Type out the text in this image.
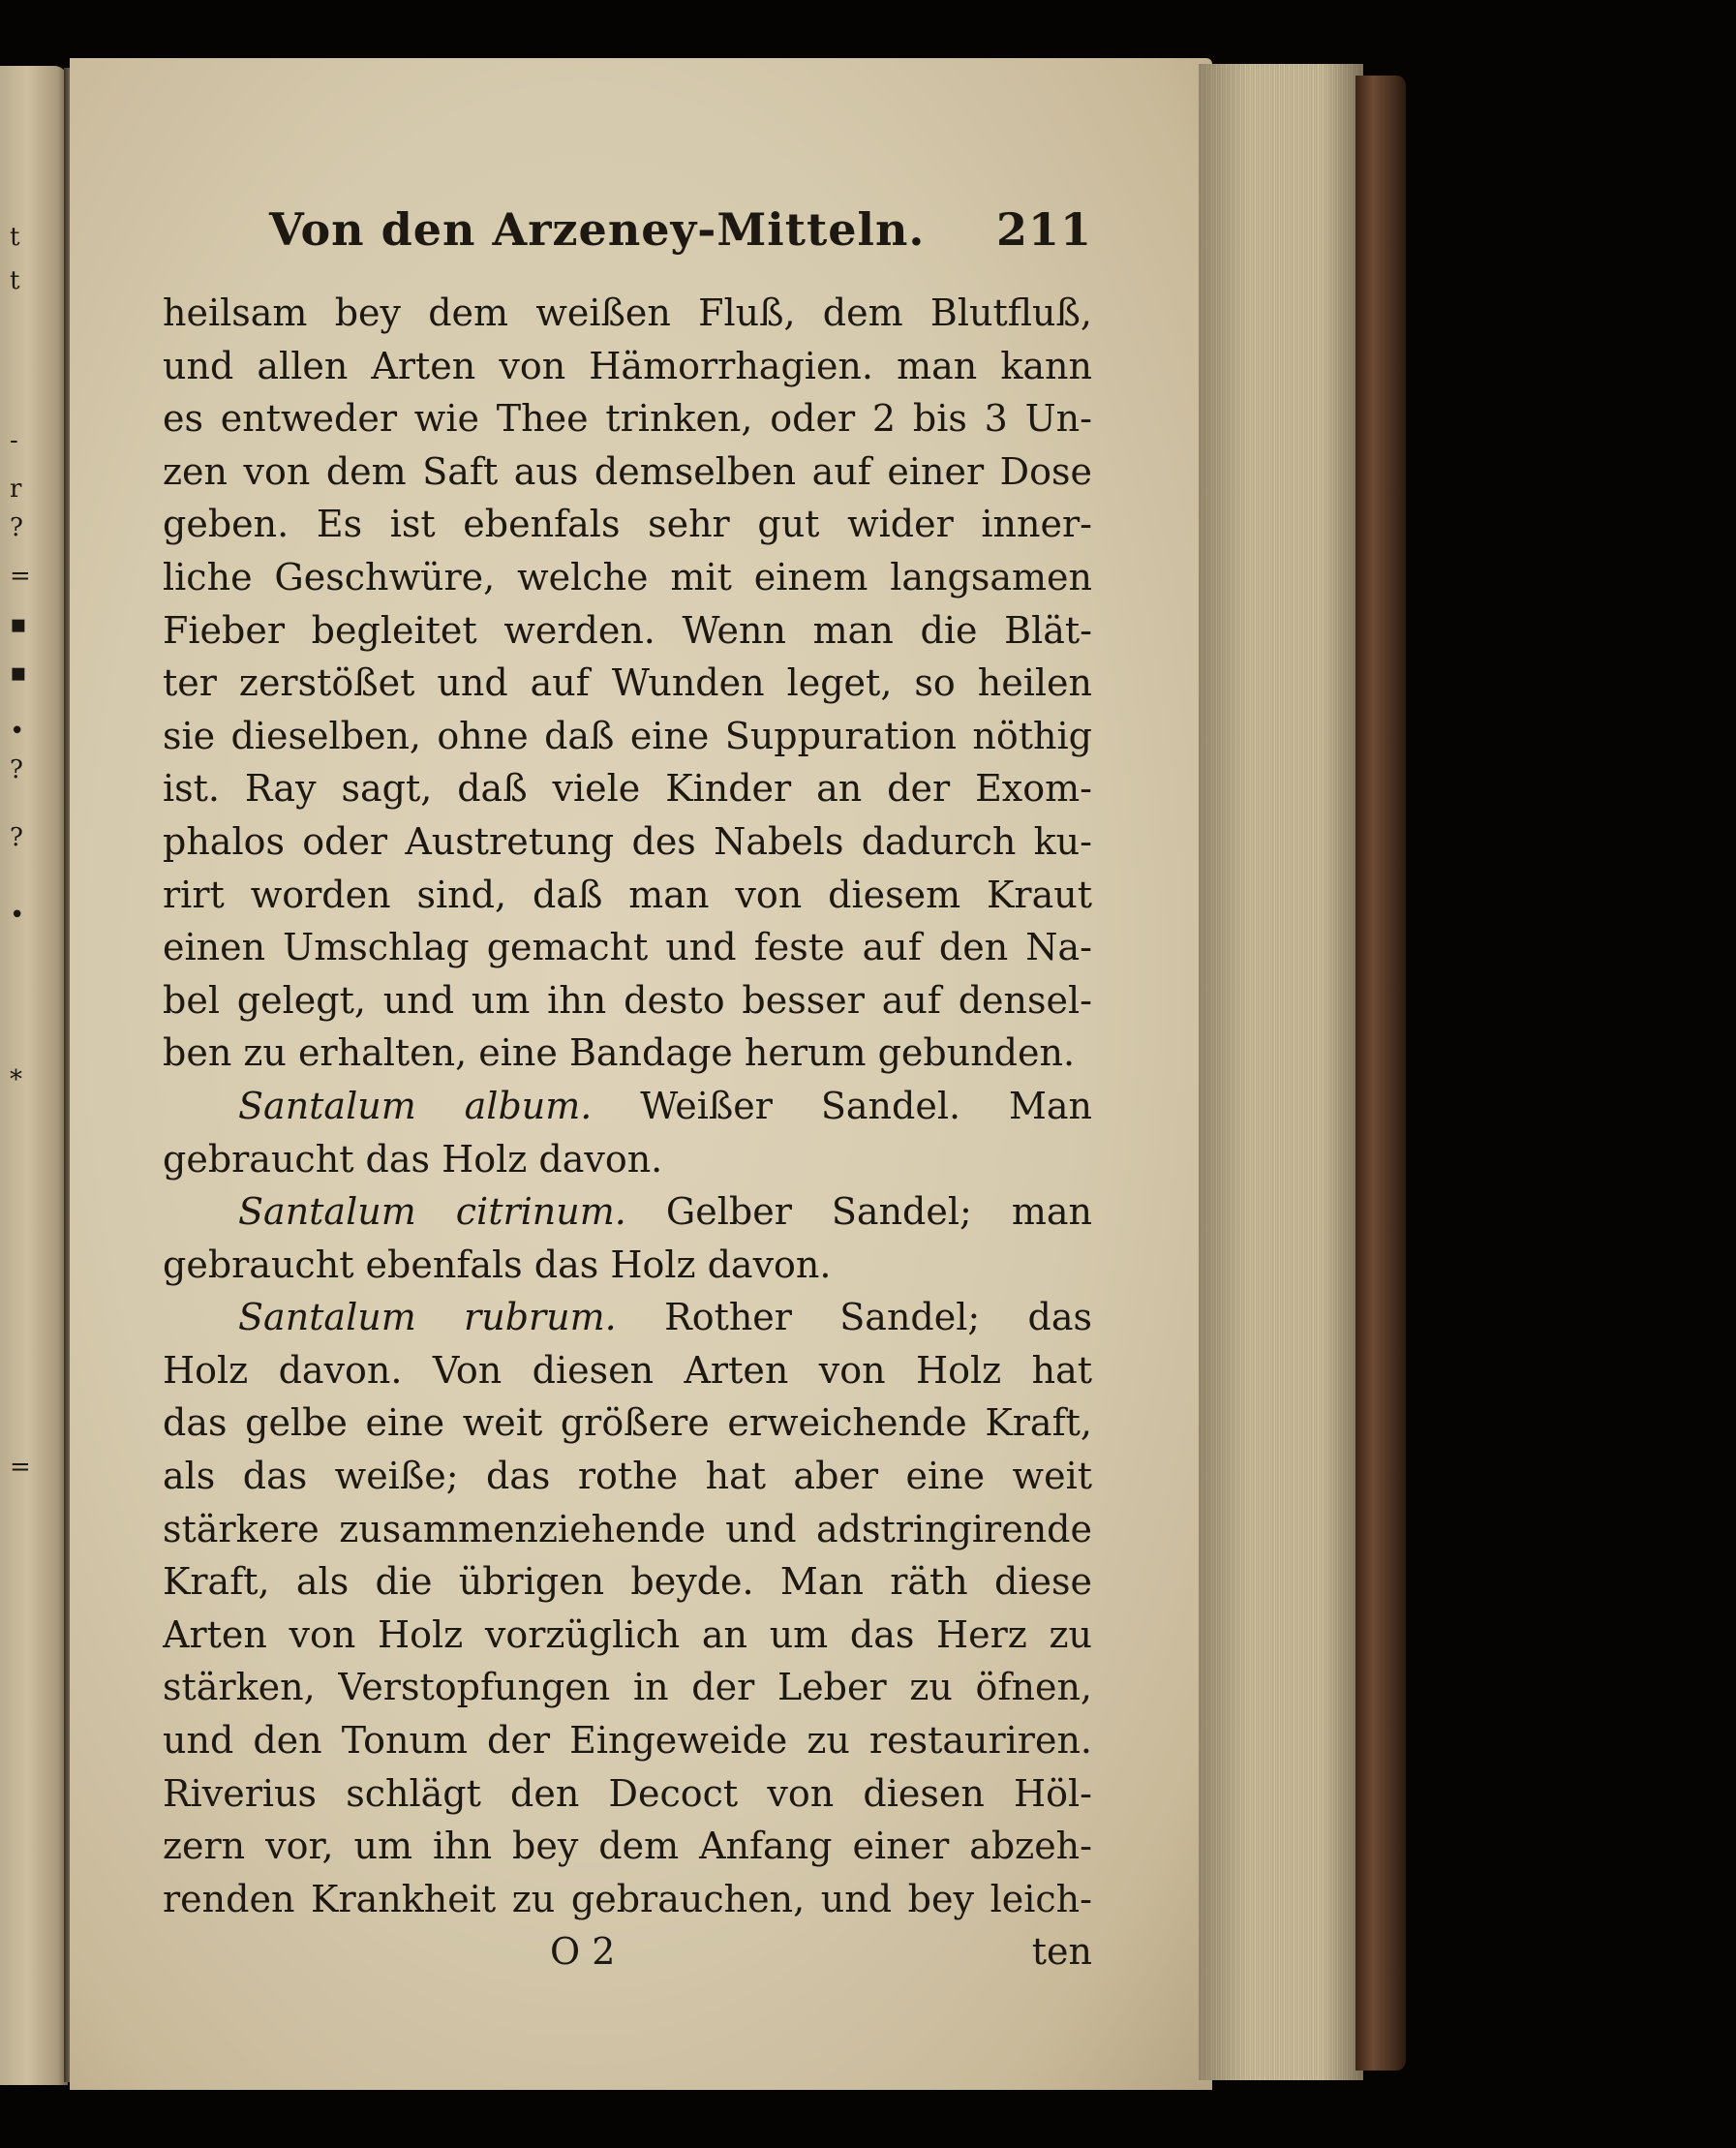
t
t
-
r
?
=
▪
▪
•
?
?
•
*
=
Von den Arzeney-Mitteln. 211
heilsam bey dem weißen Fluß, dem Blutfluß,
und allen Arten von Hämorrhagien. man kann
es entweder wie Thee trinken, oder 2 bis 3 Un-
zen von dem Saft aus demselben auf einer Dose
geben. Es ist ebenfals sehr gut wider inner-
liche Geschwüre, welche mit einem langsamen
Fieber begleitet werden. Wenn man die Blät-
ter zerstößet und auf Wunden leget, so heilen
sie dieselben, ohne daß eine Suppuration nöthig
ist. Ray sagt, daß viele Kinder an der Exom-
phalos oder Austretung des Nabels dadurch ku-
rirt worden sind, daß man von diesem Kraut
einen Umschlag gemacht und feste auf den Na-
bel gelegt, und um ihn desto besser auf densel-
ben zu erhalten, eine Bandage herum gebunden.
Santalum album. Weißer Sandel. Man
gebraucht das Holz davon.
Santalum citrinum. Gelber Sandel; man
gebraucht ebenfals das Holz davon.
Santalum rubrum. Rother Sandel; das
Holz davon. Von diesen Arten von Holz hat
das gelbe eine weit größere erweichende Kraft,
als das weiße; das rothe hat aber eine weit
stärkere zusammenziehende und adstringirende
Kraft, als die übrigen beyde. Man räth diese
Arten von Holz vorzüglich an um das Herz zu
stärken, Verstopfungen in der Leber zu öfnen,
und den Tonum der Eingeweide zu restauriren.
Riverius schlägt den Decoct von diesen Höl-
zern vor, um ihn bey dem Anfang einer abzeh-
renden Krankheit zu gebrauchen, und bey leich-
O 2	ten
